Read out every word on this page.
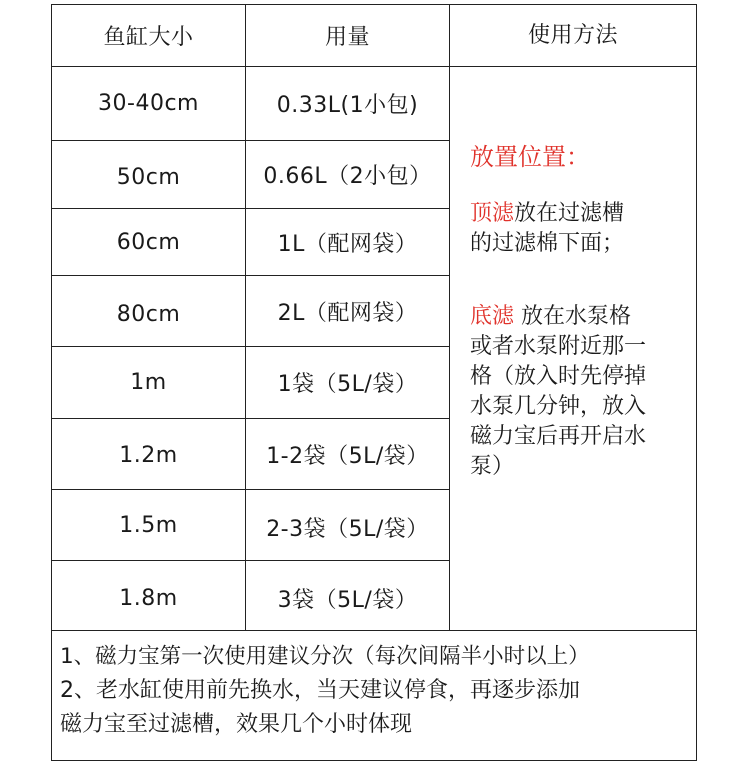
鱼缸大小	用量	使用方法
30-40cm	0.33L(1小包)
50cm	0.66L（2小包）
60cm	1L（配网袋）
80cm	2L（配网袋）
1m	1袋（5L/袋）
1.2m	1-2袋（5L/袋）
1.5m	2-3袋（5L/袋）
1.8m	3袋（5L/袋）
放置位置：
顶滤放在过滤槽
的过滤棉下面；
底滤 放在水泵格
或者水泵附近那一
格（放入时先停掉
水泵几分钟，放入
磁力宝后再开启水
泵）
1、磁力宝第一次使用建议分次（每次间隔半小时以上）
2、老水缸使用前先换水，当天建议停食，再逐步添加
磁力宝至过滤槽，效果几个小时体现
